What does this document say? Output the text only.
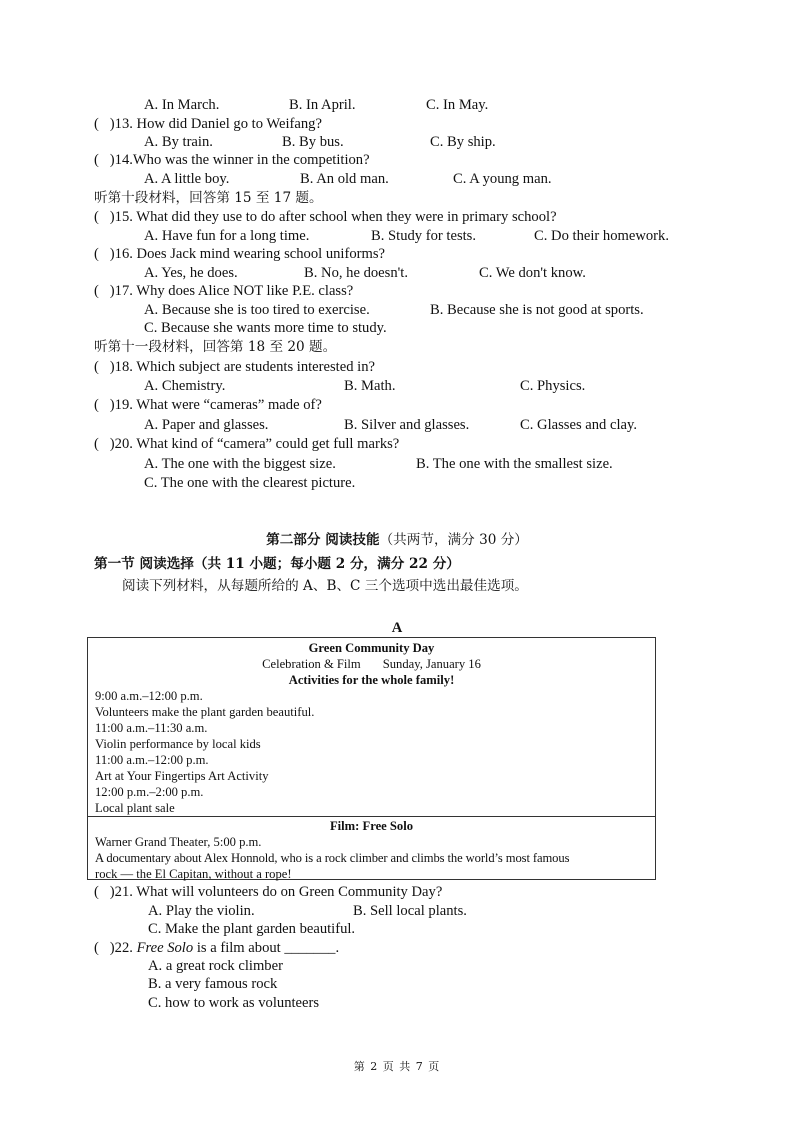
A. In March.	B. In April.	C. In May.
(   )13. How did Daniel go to Weifang?
A. By train.	B. By bus.	C. By ship.
(   )14.Who was the winner in the competition?
A. A little boy.	B. An old man.	C. A young man.
听第十段材料，回答第 15 至 17 题。
(   )15. What did they use to do after school when they were in primary school?
A. Have fun for a long time.	B. Study for tests.	C. Do their homework.
(   )16. Does Jack mind wearing school uniforms?
A. Yes, he does.	B. No, he doesn't.	C. We don't know.
(   )17. Why does Alice NOT like P.E. class?
A. Because she is too tired to exercise.	B. Because she is not good at sports.
C. Because she wants more time to study.
听第十一段材料，回答第 18 至 20 题。
(   )18. Which subject are students interested in?
A. Chemistry.	B. Math.	C. Physics.
(   )19. What were “cameras” made of?
A. Paper and glasses.	B. Silver and glasses.	C. Glasses and clay.
(   )20. What kind of “camera” could get full marks?
A. The one with the biggest size.	B. The one with the smallest size.
C. The one with the clearest picture.
第二部分 阅读技能（共两节，满分 30 分）
第一节 阅读选择（共 11 小题；每小题 2 分，满分 22 分）
阅读下列材料，从每题所给的 A、B、C 三个选项中选出最佳选项。
A
Green Community Day
Celebration & Film Sunday, January 16
Activities for the whole family!
9:00 a.m.–12:00 p.m.
Volunteers make the plant garden beautiful.
11:00 a.m.–11:30 a.m.
Violin performance by local kids
11:00 a.m.–12:00 p.m.
Art at Your Fingertips Art Activity
12:00 p.m.–2:00 p.m.
Local plant sale
Film: Free Solo
Warner Grand Theater, 5:00 p.m.
A documentary about Alex Honnold, who is a rock climber and climbs the world’s most famous
rock — the El Capitan, without a rope!
(   )21. What will volunteers do on Green Community Day?
A. Play the violin.	B. Sell local plants.
C. Make the plant garden beautiful.
(   )22. Free Solo is a film about _______.
A. a great rock climber
B. a very famous rock
C. how to work as volunteers
第 2 页 共 7 页
